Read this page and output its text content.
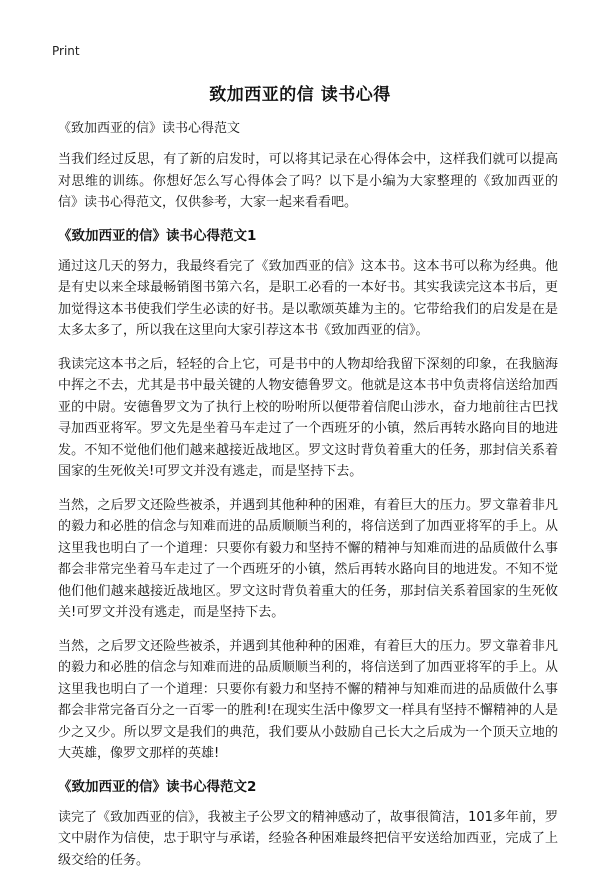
Print
致加西亚的信 读书心得

《致加西亚的信》读书心得范文

当我们经过反思，有了新的启发时，可以将其记录在心得体会中，这样我们就可以提高对思维的训练。你想好怎么写心得体会了吗？以下是小编为大家整理的《致加西亚的信》读书心得范文，仅供参考，大家一起来看看吧。

《致加西亚的信》读书心得范文1

通过这几天的努力，我最终看完了《致加西亚的信》这本书。这本书可以称为经典。他是有史以来全球最畅销图书第六名，是职工必看的一本好书。其实我读完这本书后，更加觉得这本书使我们学生必读的好书。是以歌颂英雄为主的。它带给我们的启发是在是太多太多了，所以我在这里向大家引荐这本书《致加西亚的信》。

我读完这本书之后，轻轻的合上它，可是书中的人物却给我留下深刻的印象，在我脑海中挥之不去，尤其是书中最关键的人物安德鲁罗文。他就是这本书中负责将信送给加西亚的中尉。安德鲁罗文为了执行上校的吩咐所以便带着信爬山涉水，奋力地前往古巴找寻加西亚将军。罗文先是坐着马车走过了一个西班牙的小镇，然后再转水路向目的地进发。不知不觉他们他们越来越接近战地区。罗文这时背负着重大的任务，那封信关系着国家的生死攸关!可罗文并没有逃走，而是坚持下去。

当然，之后罗文还险些被杀，并遇到其他种种的困难，有着巨大的压力。罗文靠着非凡的毅力和必胜的信念与知难而进的品质顺顺当利的，将信送到了加西亚将军的手上。从这里我也明白了一个道理：只要你有毅力和坚持不懈的精神与知难而进的品质做什么事都会非常完坐着马车走过了一个西班牙的小镇，然后再转水路向目的地进发。不知不觉他们他们越来越接近战地区。罗文这时背负着重大的任务，那封信关系着国家的生死攸关!可罗文并没有逃走，而是坚持下去。

当然，之后罗文还险些被杀，并遇到其他种种的困难，有着巨大的压力。罗文靠着非凡的毅力和必胜的信念与知难而进的品质顺顺当利的，将信送到了加西亚将军的手上。从这里我也明白了一个道理：只要你有毅力和坚持不懈的精神与知难而进的品质做什么事都会非常完备百分之一百零一的胜利!在现实生活中像罗文一样具有坚持不懈精神的人是少之又少。所以罗文是我们的典范，我们要从小鼓励自己长大之后成为一个顶天立地的大英雄，像罗文那样的英雄!

《致加西亚的信》读书心得范文2

读完了《致加西亚的信》，我被主子公罗文的精神感动了，故事很简洁，101多年前，罗文中尉作为信使，忠于职守与承诺，经验各种困难最终把信平安送给加西亚，完成了上级交给的任务。
